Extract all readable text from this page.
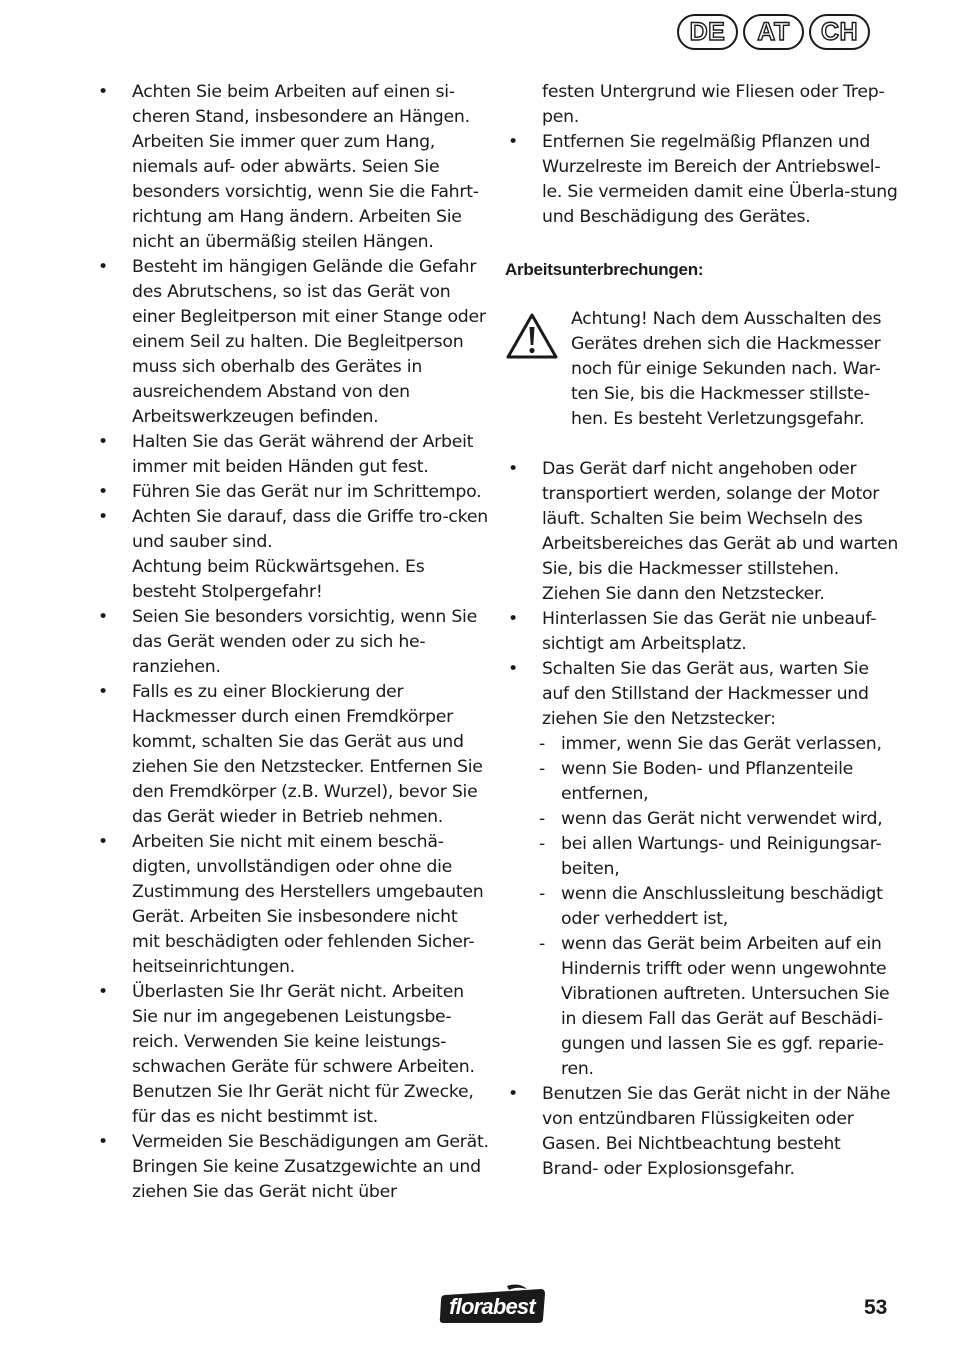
DE	AT	CH
• Achten Sie beim Arbeiten auf einen si-cheren Stand, insbesondere an Hängen. Arbeiten Sie immer quer zum Hang, niemals auf- oder abwärts. Seien Sie besonders vorsichtig, wenn Sie die Fahrt-richtung am Hang ändern. Arbeiten Sie nicht an übermäßig steilen Hängen.
• Besteht im hängigen Gelände die Gefahr des Abrutschens, so ist das Gerät von einer Begleitperson mit einer Stange oder einem Seil zu halten. Die Begleitperson muss sich oberhalb des Gerätes in ausreichendem Abstand von den Arbeitswerkzeugen befinden.
• Halten Sie das Gerät während der Arbeit immer mit beiden Händen gut fest.
• Führen Sie das Gerät nur im Schrittempo.

• Achten Sie darauf, dass die Griffe tro-cken und sauber sind.

Achtung beim Rückwärtsgehen. Es besteht Stolpergefahr!

• Seien Sie besonders vorsichtig, wenn Sie das Gerät wenden oder zu sich he-ranziehen.
• Falls es zu einer Blockierung der Hackmesser durch einen Fremdkörper kommt, schalten Sie das Gerät aus und ziehen Sie den Netzstecker. Entfernen Sie den Fremdkörper (z.B. Wurzel), bevor Sie das Gerät wieder in Betrieb nehmen.
• Arbeiten Sie nicht mit einem beschä-digten, unvollständigen oder ohne die Zustimmung des Herstellers umgebauten Gerät. Arbeiten Sie insbesondere nicht mit beschädigten oder fehlenden Sicher-heitseinrichtungen.
• Überlasten Sie Ihr Gerät nicht. Arbeiten Sie nur im angegebenen Leistungsbe-reich. Verwenden Sie keine leistungs-schwachen Geräte für schwere Arbeiten. Benutzen Sie Ihr Gerät nicht für Zwecke, für das es nicht bestimmt ist.
• Vermeiden Sie Beschädigungen am Gerät. Bringen Sie keine Zusatzgewichte an und ziehen Sie das Gerät nicht über
festen Untergrund wie Fliesen oder Trep-pen.
• Entfernen Sie regelmäßig Pflanzen und Wurzelreste im Bereich der Antriebswel-le. Sie vermeiden damit eine Überla-stung und Beschädigung des Gerätes.
Arbeitsunterbrechungen:
Achtung! Nach dem Ausschalten des Gerätes drehen sich die Hackmesser noch für einige Sekunden nach. War-ten Sie, bis die Hackmesser stillste-hen. Es besteht Verletzungsgefahr.
• Das Gerät darf nicht angehoben oder transportiert werden, solange der Motor läuft. Schalten Sie beim Wechseln des Arbeitsbereiches das Gerät ab und warten Sie, bis die Hackmesser stillstehen. Ziehen Sie dann den Netzstecker.
• Hinterlassen Sie das Gerät nie unbeauf-sichtigt am Arbeitsplatz.

• Schalten Sie das Gerät aus, warten Sie auf den Stillstand der Hackmesser und ziehen Sie den Netzstecker:

- immer, wenn Sie das Gerät verlassen,
- wenn Sie Boden- und Pflanzenteile entfernen,
- wenn das Gerät nicht verwendet wird,
- bei allen Wartungs- und Reinigungsar-beiten,
- wenn die Anschlussleitung beschädigt oder verheddert ist,
- wenn das Gerät beim Arbeiten auf ein Hindernis trifft oder wenn ungewohnte Vibrationen auftreten. Untersuchen Sie in diesem Fall das Gerät auf Beschädi-gungen und lassen Sie es ggf. reparie-ren.
• Benutzen Sie das Gerät nicht in der Nähe von entzündbaren Flüssigkeiten oder Gasen. Bei Nichtbeachtung besteht Brand- oder Explosionsgefahr.
florabest	53
